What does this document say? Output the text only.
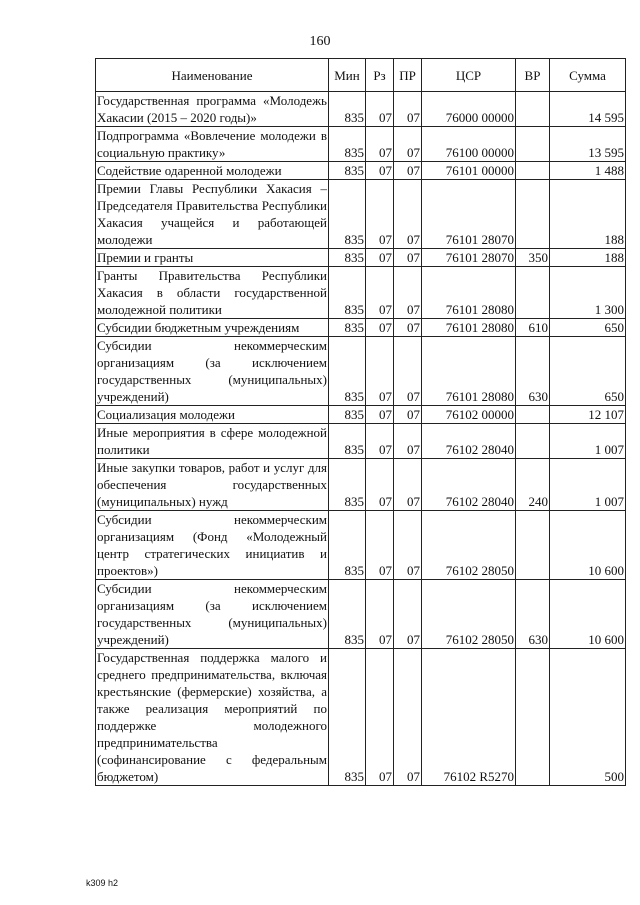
160
Наименование	Мин	Рз	ПР	ЦСР	ВР	Сумма
Государственная программа «Молодежь Хакасии (2015 – 2020 годы)»	835	07	07	76000 00000		14 595
Подпрограмма «Вовлечение молодежи в социальную практику»	835	07	07	76100 00000		13 595
Содействие одаренной молодежи	835	07	07	76101 00000		1 488
Премии Главы Республики Хакасия – Председателя Правительства Республики Хакасия учащейся и работающей молодежи	835	07	07	76101 28070		188
Премии и гранты	835	07	07	76101 28070	350	188
Гранты Правительства Республики Хакасия в области государственной молодежной политики	835	07	07	76101 28080		1 300
Субсидии бюджетным учреждениям	835	07	07	76101 28080	610	650
Субсидии некоммерческим организациям (за исключением государственных (муниципальных) учреждений)	835	07	07	76101 28080	630	650
Социализация молодежи	835	07	07	76102 00000		12 107
Иные мероприятия в сфере молодежной политики	835	07	07	76102 28040		1 007
Иные закупки товаров, работ и услуг для обеспечения государственных (муниципальных) нужд	835	07	07	76102 28040	240	1 007
Субсидии некоммерческим организациям (Фонд «Молодежный центр стратегических инициатив и проектов»)	835	07	07	76102 28050		10 600
Субсидии некоммерческим организациям (за исключением государственных (муниципальных) учреждений)	835	07	07	76102 28050	630	10 600
Государственная поддержка малого и среднего предпринимательства, включая крестьянские (фермерские) хозяйства, а также реализация мероприятий по поддержке молодежного предпринимательства (софинансирование с федеральным бюджетом)	835	07	07	76102 R5270		500
k309 h2
